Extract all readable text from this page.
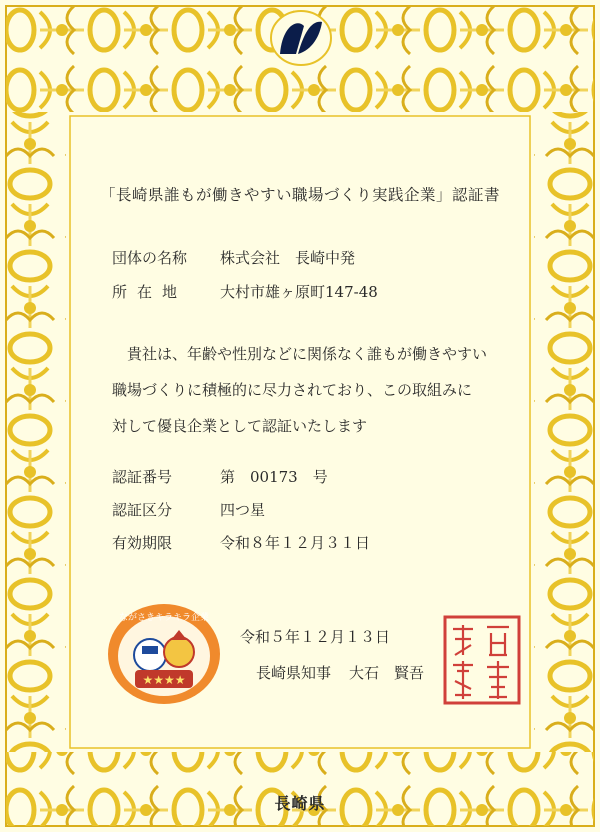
「長崎県誰もが働きやすい職場づくり実践企業」認証書
団体の名称 株式会社　長崎中発
所在地 大村市雄ヶ原町147-48

　貴社は、年齢や性別などに関係なく誰もが働きやすい

職場づくりに積極的に尽力されており、この取組みに

対して優良企業として認証いたします

認証番号	第　00173　号
認証区分	四つ星
有効期限	令和８年１２月３１日
★★★★
ながさきキラキラ企業
令和５年１２月１３日
長崎県知事 大石　賢吾
長崎県
